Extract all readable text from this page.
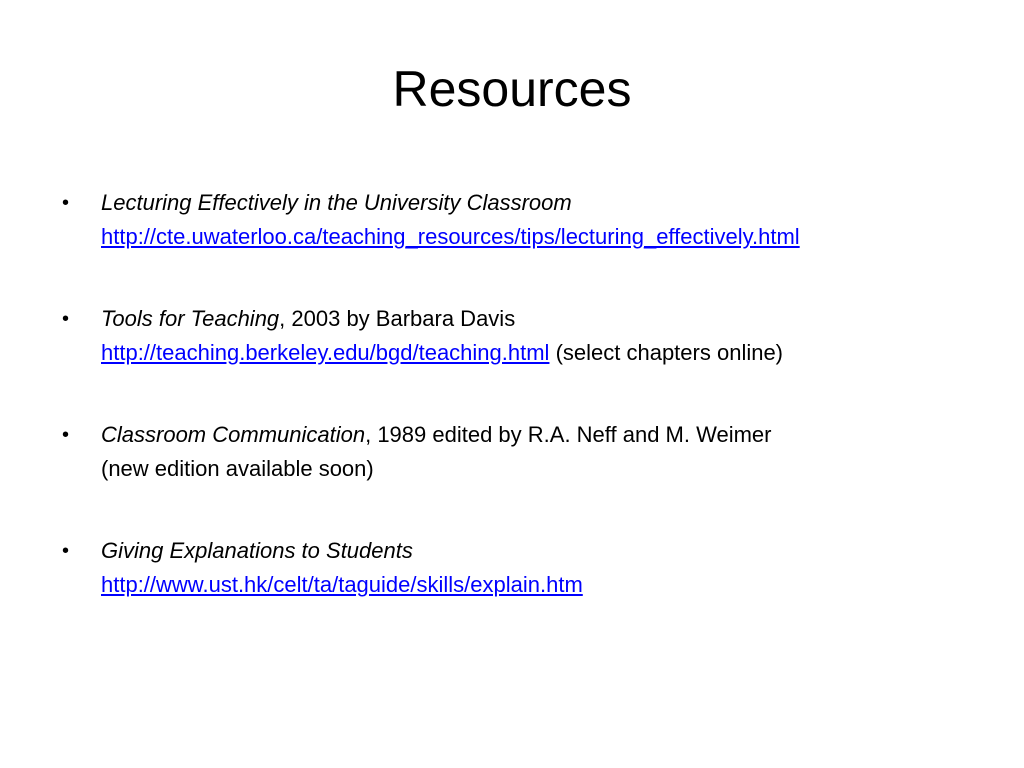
Resources
• Lecturing Effectively in the University Classroom
http://cte.uwaterloo.ca/teaching_resources/tips/lecturing_effectively.html
• Tools for Teaching, 2003 by Barbara Davis
http://teaching.berkeley.edu/bgd/teaching.html (select chapters online)
• Classroom Communication, 1989 edited by R.A. Neff and M. Weimer
(new edition available soon)
• Giving Explanations to Students
http://www.ust.hk/celt/ta/taguide/skills/explain.htm
